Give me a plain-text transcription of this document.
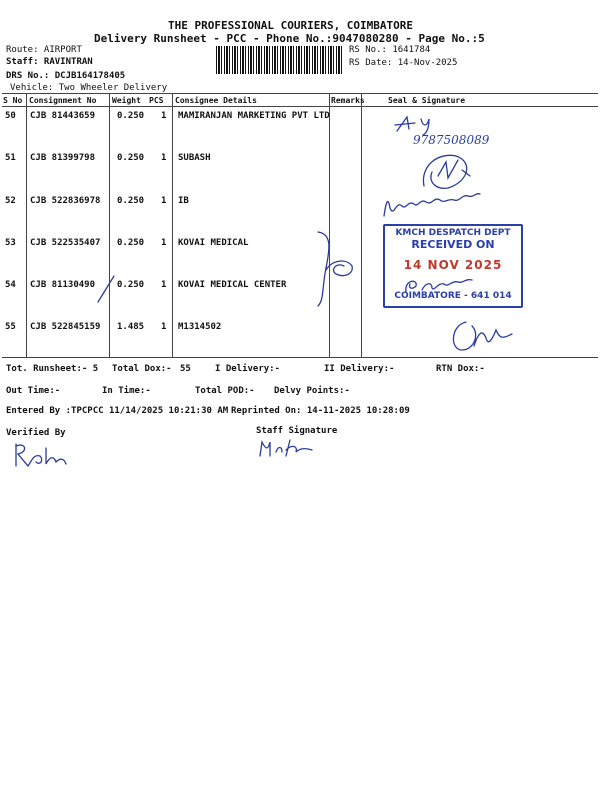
THE PROFESSIONAL COURIERS, COIMBATORE
Delivery Runsheet - PCC - Phone No.:9047080280 - Page No.:5
Route: AIRPORT
Staff: RAVINTRAN
DRS No.: DCJB164178405
Vehicle: Two Wheeler Delivery
RS No.: 1641784
RS Date: 14-Nov-2025
S No Consignment No Weight PCS Consignee Details	Remarks	Seal & Signature
50 CJB 81443659 0.250 1 MAMIRANJAN MARKETING PVT LTD
51 CJB 81399798 0.250 1 SUBASH
52 CJB 522836978 0.250 1 IB
53 CJB 522535407 0.250 1 KOVAI MEDICAL
54 CJB 81130490 0.250 1 KOVAI MEDICAL CENTER
55 CJB 522845159 1.485 1 M1314502
9787508089
KMCH DESPATCH DEPT
RECEIVED ON
14 NOV 2025
COIMBATORE - 641 014
Tot. Runsheet:- 5 Total Dox:- 55	I Delivery:-	II Delivery:-	RTN Dox:-
Out Time:-	In Time:-	Total POD:- Delvy Points:-
Entered By :TPCPCC 11/14/2025 10:21:30 AM Reprinted On: 14-11-2025 10:28:09
Verified By	Staff Signature
